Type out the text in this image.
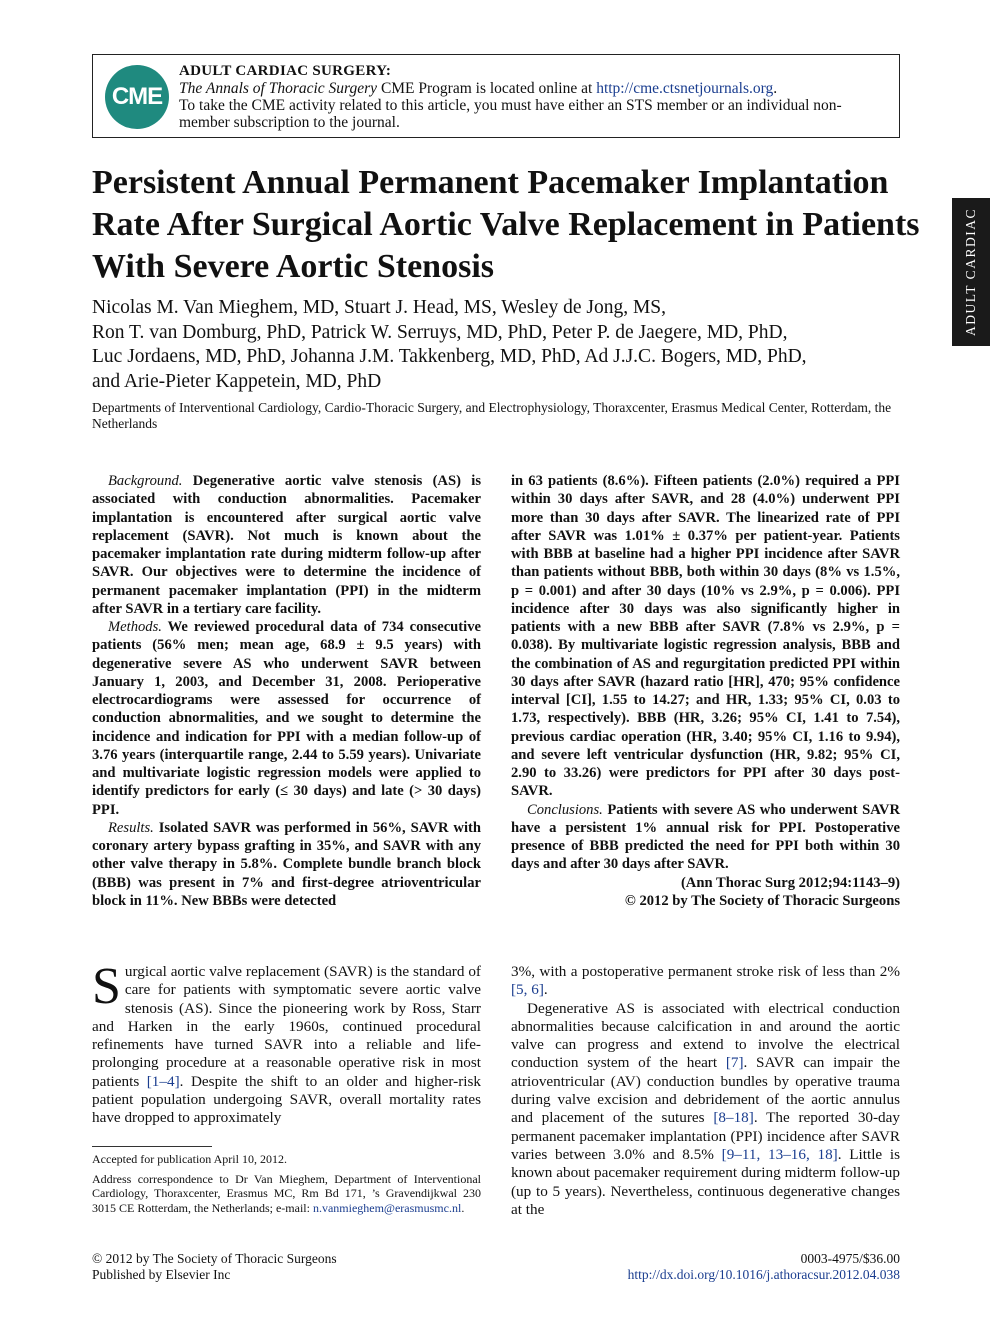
CME
ADULT CARDIAC SURGERY:
The Annals of Thoracic Surgery CME Program is located online at http://cme.ctsnetjournals.org.
To take the CME activity related to this article, you must have either an STS member or an individual non-member subscription to the journal.
ADULT CARDIAC
Persistent Annual Permanent Pacemaker Implantation Rate After Surgical Aortic Valve Replacement in Patients With Severe Aortic Stenosis

Nicolas M. Van Mieghem, MD, Stuart J. Head, MS, Wesley de Jong, MS,
Ron T. van Domburg, PhD, Patrick W. Serruys, MD, PhD, Peter P. de Jaegere, MD, PhD,
Luc Jordaens, MD, PhD, Johanna J.M. Takkenberg, MD, PhD, Ad J.J.C. Bogers, MD, PhD,
and Arie-Pieter Kappetein, MD, PhD

Departments of Interventional Cardiology, Cardio-Thoracic Surgery, and Electrophysiology, Thoraxcenter, Erasmus Medical Center, Rotterdam, the Netherlands

Background. Degenerative aortic valve stenosis (AS) is associated with conduction abnormalities. Pacemaker implantation is encountered after surgical aortic valve replacement (SAVR). Not much is known about the pacemaker implantation rate during midterm follow-up after SAVR. Our objectives were to determine the incidence of permanent pacemaker implantation (PPI) in the midterm after SAVR in a tertiary care facility.

Methods. We reviewed procedural data of 734 consecutive patients (56% men; mean age, 68.9 ± 9.5 years) with degenerative severe AS who underwent SAVR between January 1, 2003, and December 31, 2008. Perioperative electrocardiograms were assessed for occurrence of conduction abnormalities, and we sought to determine the incidence and indication for PPI with a median follow-up of 3.76 years (interquartile range, 2.44 to 5.59 years). Univariate and multivariate logistic regression models were applied to identify predictors for early (≤ 30 days) and late (> 30 days) PPI.

Results. Isolated SAVR was performed in 56%, SAVR with coronary artery bypass grafting in 35%, and SAVR with any other valve therapy in 5.8%. Complete bundle branch block (BBB) was present in 7% and first-degree atrioventricular block in 11%. New BBBs were detected

in 63 patients (8.6%). Fifteen patients (2.0%) required a PPI within 30 days after SAVR, and 28 (4.0%) underwent PPI more than 30 days after SAVR. The linearized rate of PPI after SAVR was 1.01% ± 0.37% per patient-year. Patients with BBB at baseline had a higher PPI incidence after SAVR than patients without BBB, both within 30 days (8% vs 1.5%, p = 0.001) and after 30 days (10% vs 2.9%, p = 0.006). PPI incidence after 30 days was also significantly higher in patients with a new BBB after SAVR (7.8% vs 2.9%, p = 0.038). By multivariate logistic regression analysis, BBB and the combination of AS and regurgitation predicted PPI within 30 days after SAVR (hazard ratio [HR], 470; 95% confidence interval [CI], 1.55 to 14.27; and HR, 1.33; 95% CI, 0.03 to 1.73, respectively). BBB (HR, 3.26; 95% CI, 1.41 to 7.54), previous cardiac operation (HR, 3.40; 95% CI, 1.16 to 9.94), and severe left ventricular dysfunction (HR, 9.82; 95% CI, 2.90 to 33.26) were predictors for PPI after 30 days post-SAVR.

Conclusions. Patients with severe AS who underwent SAVR have a persistent 1% annual risk for PPI. Postoperative presence of BBB predicted the need for PPI both within 30 days and after 30 days after SAVR.

(Ann Thorac Surg 2012;94:1143–9)

© 2012 by The Society of Thoracic Surgeons

Surgical aortic valve replacement (SAVR) is the standard of care for patients with symptomatic severe aortic valve stenosis (AS). Since the pioneering work by Ross, Starr and Harken in the early 1960s, continued procedural refinements have turned SAVR into a reliable and life-prolonging procedure at a reasonable operative risk in most patients [1–4]. Despite the shift to an older and higher-risk patient population undergoing SAVR, overall mortality rates have dropped to approximately

3%, with a postoperative permanent stroke risk of less than 2% [5, 6].

Degenerative AS is associated with electrical conduction abnormalities because calcification in and around the aortic valve can progress and extend to involve the electrical conduction system of the heart [7]. SAVR can impair the atrioventricular (AV) conduction bundles by operative trauma during valve excision and debridement of the aortic annulus and placement of the sutures [8–18]. The reported 30-day permanent pacemaker implantation (PPI) incidence after SAVR varies between 3.0% and 8.5% [9–11, 13–16, 18]. Little is known about pacemaker requirement during midterm follow-up (up to 5 years). Nevertheless, continuous degenerative changes at the

Accepted for publication April 10, 2012.

Address correspondence to Dr Van Mieghem, Department of Interventional Cardiology, Thoraxcenter, Erasmus MC, Rm Bd 171, ’s Gravendijkwal 230 3015 CE Rotterdam, the Netherlands; e-mail: n.vanmieghem@erasmusmc.nl.

© 2012 by The Society of Thoracic Surgeons
Published by Elsevier Inc
0003-4975/$36.00
http://dx.doi.org/10.1016/j.athoracsur.2012.04.038
